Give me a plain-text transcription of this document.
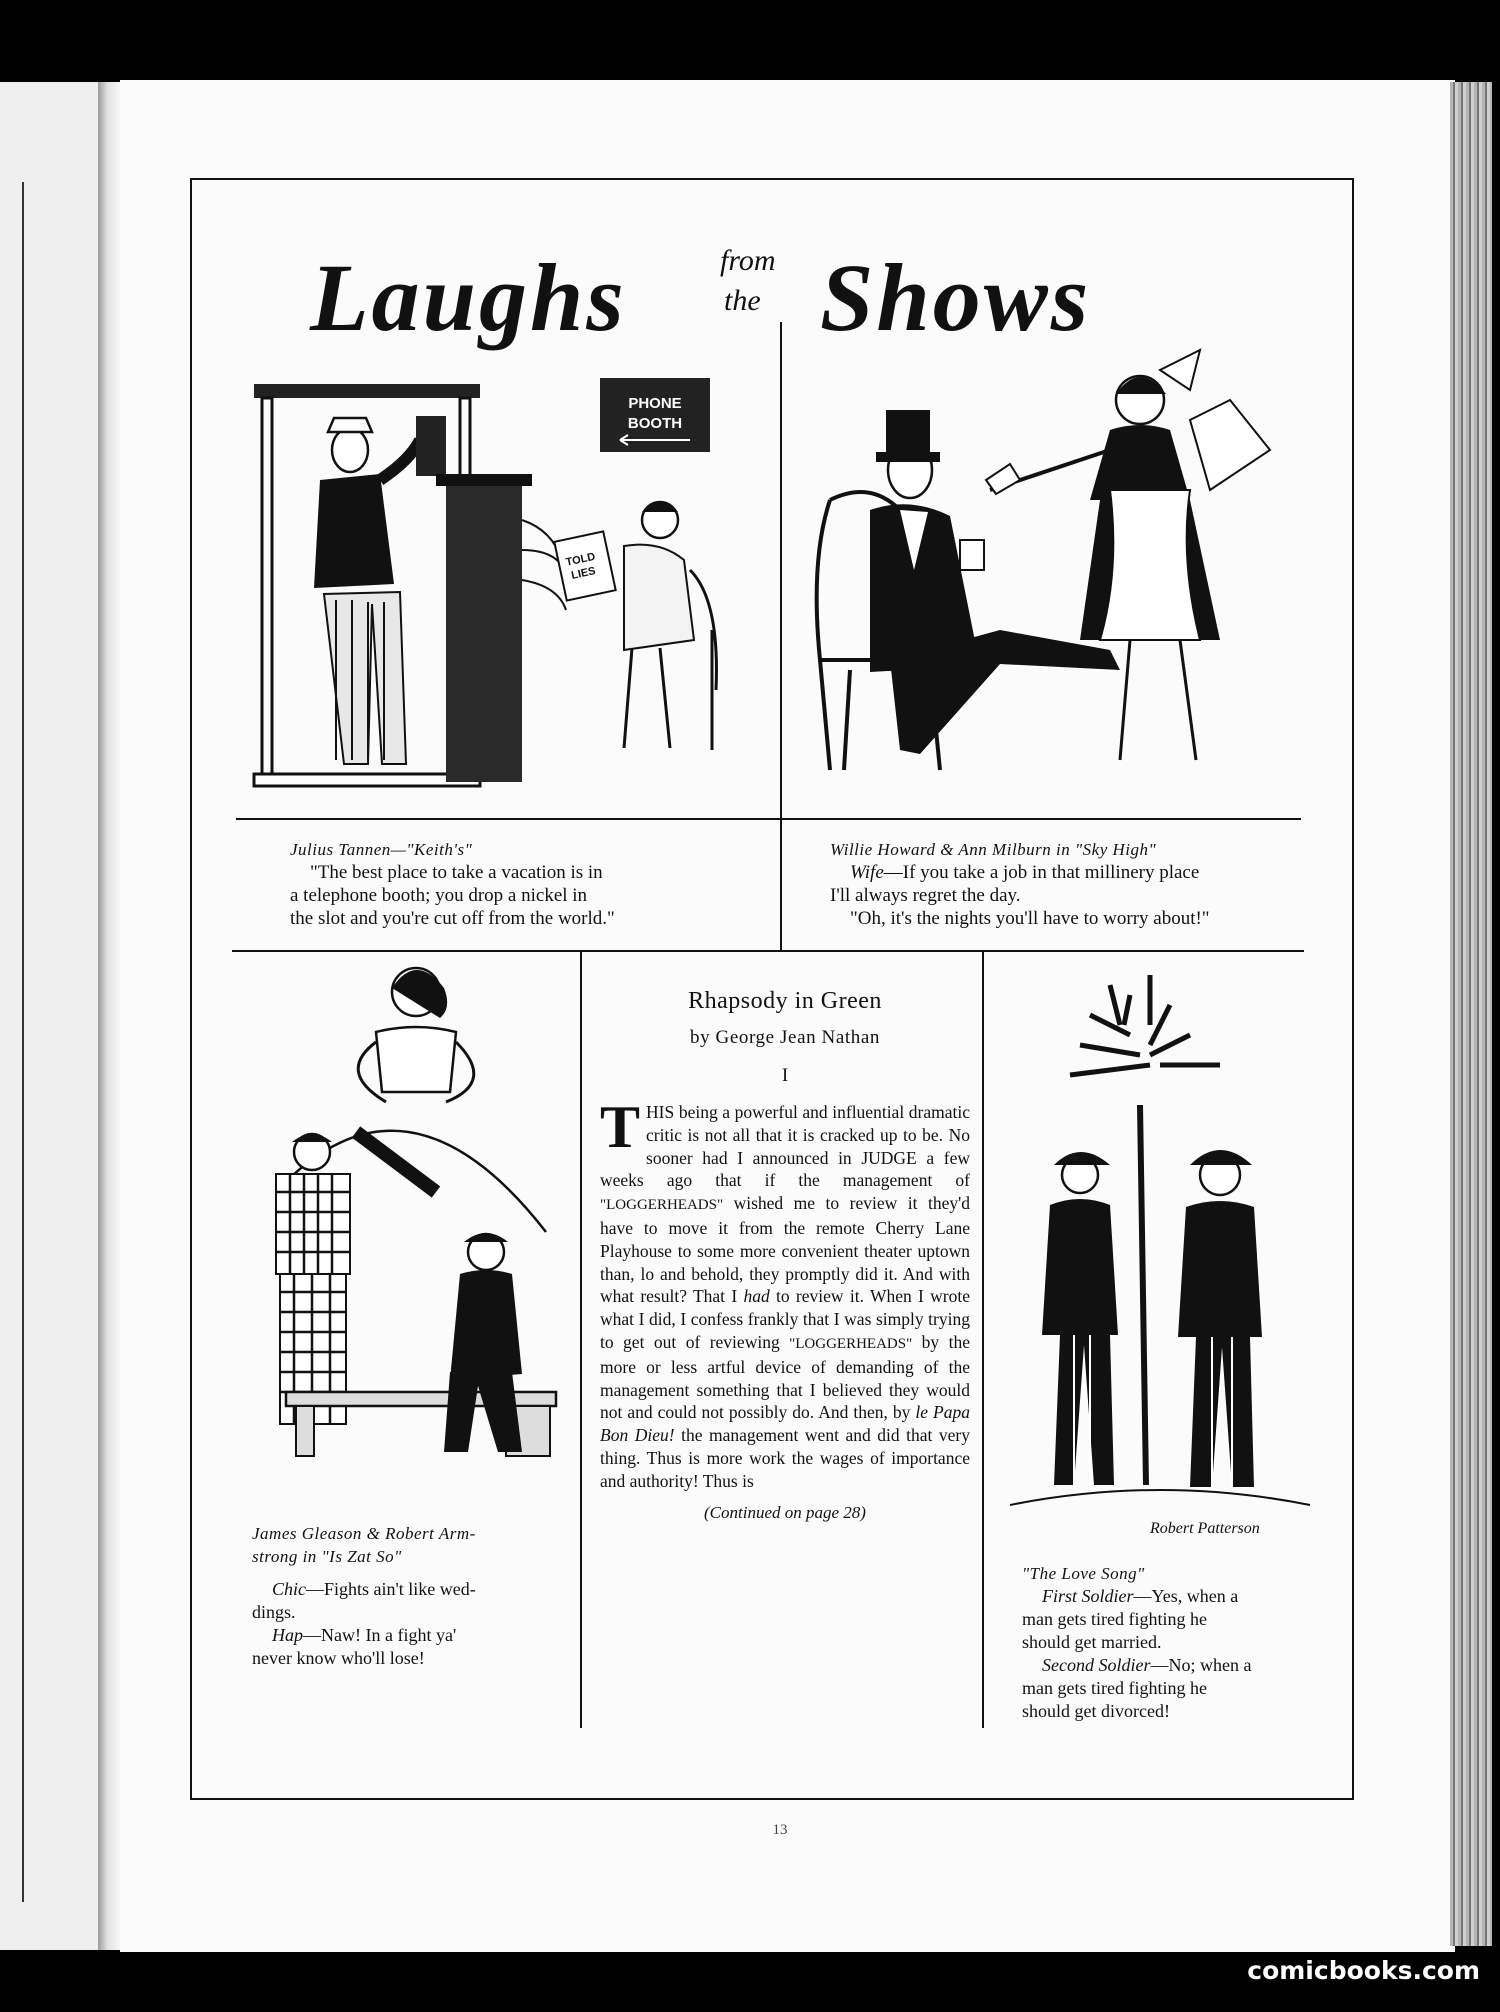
Laughs	from
the Shows
PHONE
BOOTH
TOLD
LIES
Julius Tannen—"Keith's"
"The best place to take a vacation is in
a telephone booth; you drop a nickel in
the slot and you're cut off from the world."
Willie Howard & Ann Milburn in "Sky High"
Wife—If you take a job in that millinery place
I'll always regret the day.
"Oh, it's the nights you'll have to worry about!"
James Gleason & Robert Arm-
strong in "Is Zat So"
Chic—Fights ain't like wed-
dings.
Hap—Naw! In a fight ya'
never know who'll lose!
Rhapsody in Green
by George Jean Nathan
I
THIS being a powerful and influential dramatic critic is not all that it is cracked up to be. No sooner had I announced in JUDGE a few weeks ago that if the management of "LOGGERHEADS" wished me to review it they'd have to move it from the remote Cherry Lane Playhouse to some more convenient theater uptown than, lo and behold, they promptly did it. And with what result? That I had to review it. When I wrote what I did, I confess frankly that I was simply trying to get out of reviewing "LOGGERHEADS" by the more or less artful device of demanding of the management something that I believed they would not and could not possibly do. And then, by le Papa Bon Dieu! the management went and did that very thing. Thus is more work the wages of importance and authority! Thus is
(Continued on page 28)
Robert Patterson
"The Love Song"
First Soldier—Yes, when a
man gets tired fighting he
should get married.
Second Soldier—No; when a
man gets tired fighting he
should get divorced!
13
comicbooks.com
